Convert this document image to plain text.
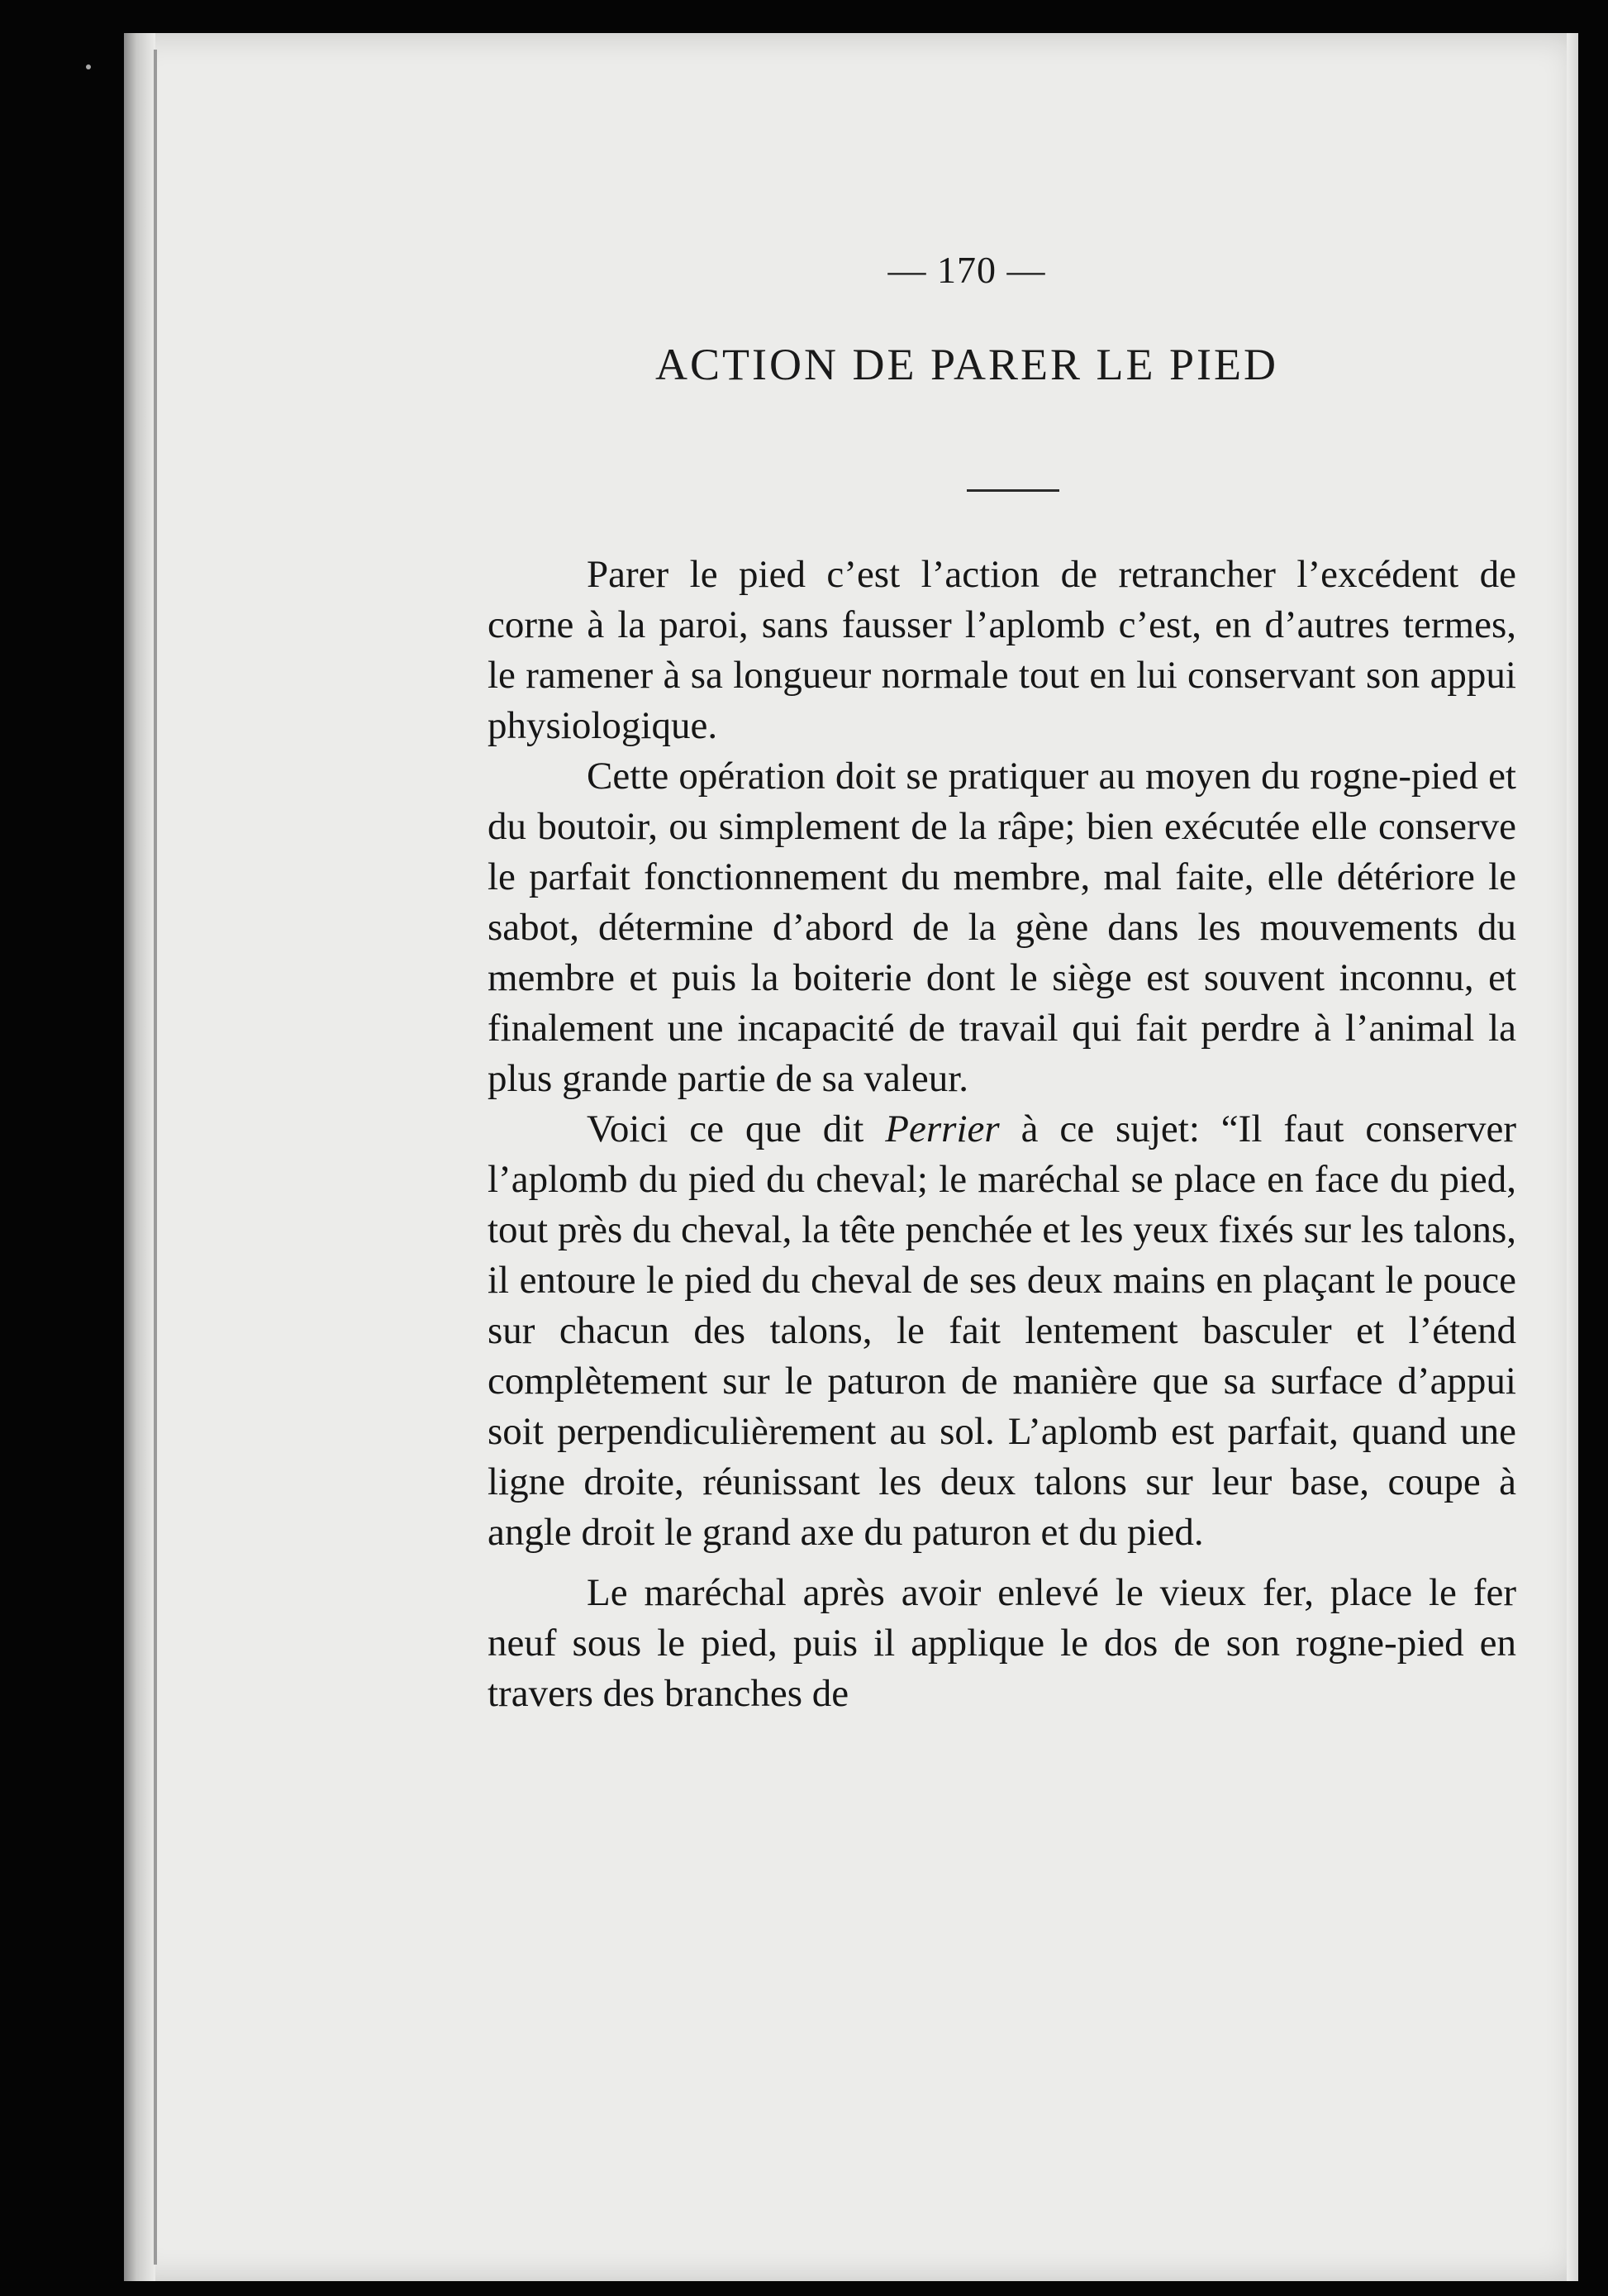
— 170 —
ACTION DE PARER LE PIED

Parer le pied c’est l’action de retrancher l’excédent de corne à la paroi, sans fausser l’aplomb c’est, en d’autres termes, le ramener à sa longueur normale tout en lui conservant son appui physiologique.

Cette opération doit se pratiquer au moyen du rogne-pied et du boutoir, ou simplement de la râpe; bien exécutée elle conserve le parfait fonctionnement du membre, mal faite, elle détériore le sabot, détermine d’abord de la gène dans les mouvements du membre et puis la boiterie dont le siège est souvent inconnu, et finalement une incapacité de travail qui fait perdre à l’animal la plus grande partie de sa valeur.

Voici ce que dit Perrier à ce sujet: “Il faut conserver l’aplomb du pied du cheval; le maréchal se place en face du pied, tout près du cheval, la tête penchée et les yeux fixés sur les talons, il entoure le pied du cheval de ses deux mains en plaçant le pouce sur chacun des talons, le fait lentement basculer et l’étend complètement sur le paturon de manière que sa surface d’appui soit perpendiculièrement au sol. L’aplomb est parfait, quand une ligne droite, réunissant les deux talons sur leur base, coupe à angle droit le grand axe du paturon et du pied.

Le maréchal après avoir enlevé le vieux fer, place le fer neuf sous le pied, puis il applique le dos de son rogne-pied en travers des branches de
